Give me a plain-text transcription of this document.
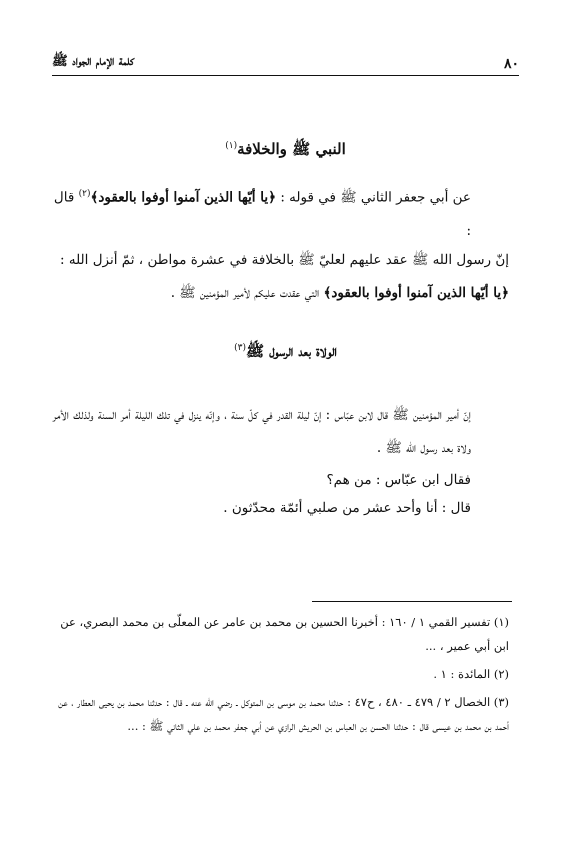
كلمة الإمام الجواد ﷺ	٨٠
النبي ﷺ والخلافة$^{(١)}$

عن أبي جعفر الثاني ﷺ في قوله : ﴿يا أيّها الذين آمنوا أوفوا بالعقود﴾$^{(٢)}$ قال :

إنّ رسول الله ﷺ عقد عليهم لعليّ ﷺ بالخلافة في عشرة مواطن ، ثمّ أنزل الله : ﴿يا أيّها الذين آمنوا أوفوا بالعقود﴾ التي عقدت عليكم لأمير المؤمنين ﷺ .

الولاة بعد الرسول ﷺ$^{(٣)}$

إنّ أمير المؤمنين ﷺ قال لابن عبّاس : إنّ ليلة القدر في كلّ سنة ، وإنّه ينزل في تلك الليلة أمر السنة ولذلك الأمر ولاة بعد رسول الله ﷺ .

فقال ابن عبّاس : من هم؟

قال : أنا وأحد عشر من صلبي أئمّة محدّثون .

(١) تفسير القمي ١ / ١٦٠ : أخبرنا الحسين بن محمد بن عامر عن المعلّى بن محمد البصري، عن ابن أبي عمير ، ...

(٢) المائدة : ١ .

(٣) الخصال ٢ / ٤٧٩ ـ ٤٨٠ ، ح٤٧ : حدثنا محمد بن موسى بن المتوكل ـ رضي الله عنه ـ قال : حدثنا محمد بن يحيى العطار ، عن أحمد بن محمد بن عيسى قال : حدثنا الحسن بن العباس بن الحريش الرازي عن أبي جعفر محمد بن علي الثاني ﷺ : ...
